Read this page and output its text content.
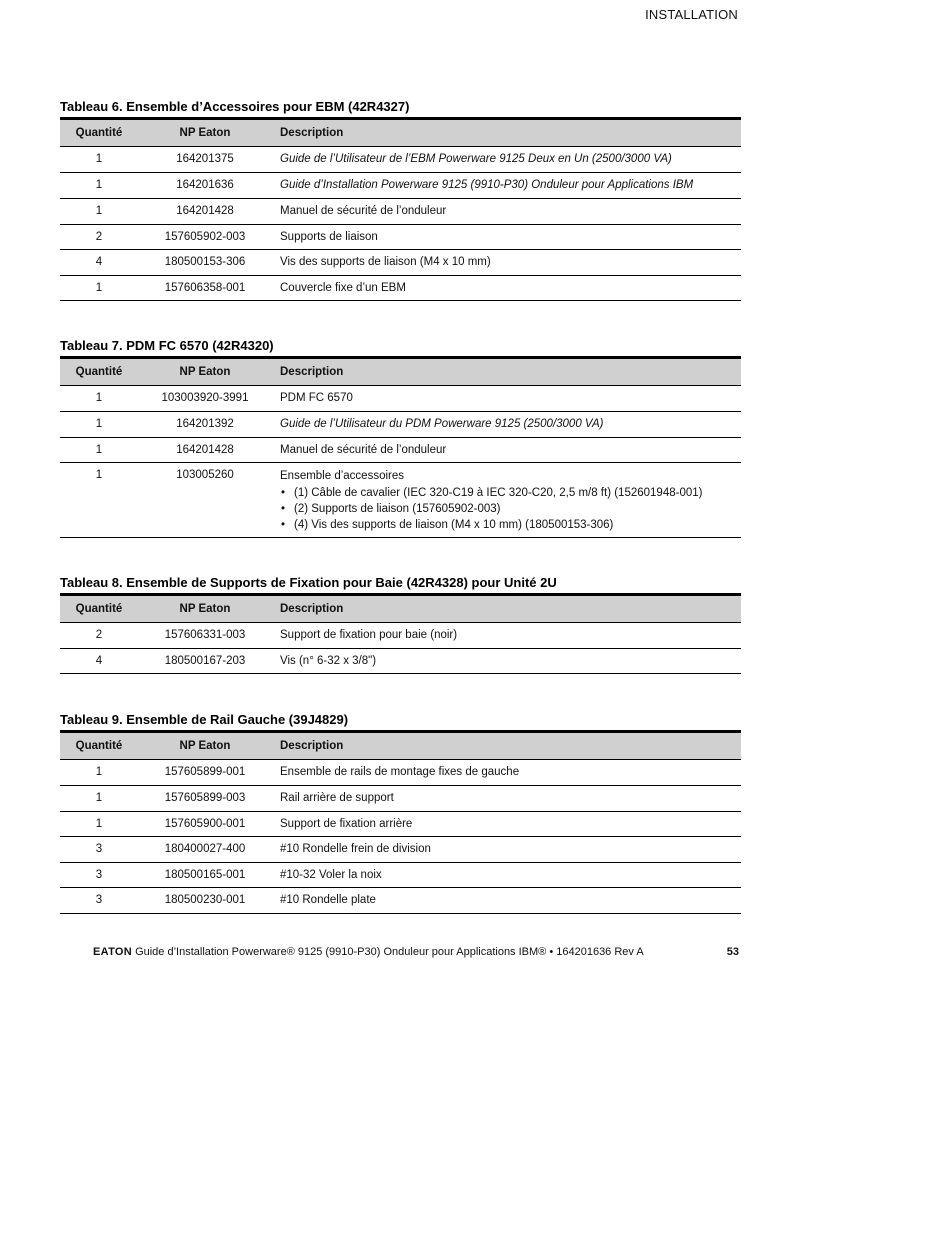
INSTALLATION
Tableau 6. Ensemble d’Accessoires pour EBM (42R4327)
Quantité	NP Eaton	Description
1	164201375	Guide de l’Utilisateur de l’EBM Powerware 9125 Deux en Un (2500/3000 VA)
1	164201636	Guide d’Installation Powerware 9125 (9910-P30) Onduleur pour Applications IBM
1	164201428	Manuel de sécurité de l’onduleur
2	157605902-003	Supports de liaison
4	180500153-306	Vis des supports de liaison (M4 x 10 mm)
1	157606358-001	Couvercle fixe d’un EBM
Tableau 7. PDM FC 6570 (42R4320)
Quantité	NP Eaton	Description
1	103003920-3991	PDM FC 6570
1	164201392	Guide de l’Utilisateur du PDM Powerware 9125 (2500/3000 VA)
1	164201428	Manuel de sécurité de l’onduleur
1	103005260	Ensemble d’accessoires
• (1) Câble de cavalier (IEC 320-C19 à IEC 320-C20, 2,5 m/8 ft) (152601948-001)
• (2) Supports de liaison (157605902-003)
• (4) Vis des supports de liaison (M4 x 10 mm) (180500153-306)
Tableau 8. Ensemble de Supports de Fixation pour Baie (42R4328) pour Unité 2U
Quantité	NP Eaton	Description
2	157606331-003	Support de fixation pour baie (noir)
4	180500167-203	Vis (n° 6-32 x 3/8")
Tableau 9. Ensemble de Rail Gauche (39J4829)
Quantité	NP Eaton	Description
1	157605899-001	Ensemble de rails de montage fixes de gauche
1	157605899-003	Rail arrière de support
1	157605900-001	Support de fixation arrière
3	180400027-400	#10 Rondelle frein de division
3	180500165-001	#10-32 Voler la noix
3	180500230-001	#10 Rondelle plate
EATON Guide d’Installation Powerware® 9125 (9910-P30) Onduleur pour Applications IBM® • 164201636 Rev A	53
